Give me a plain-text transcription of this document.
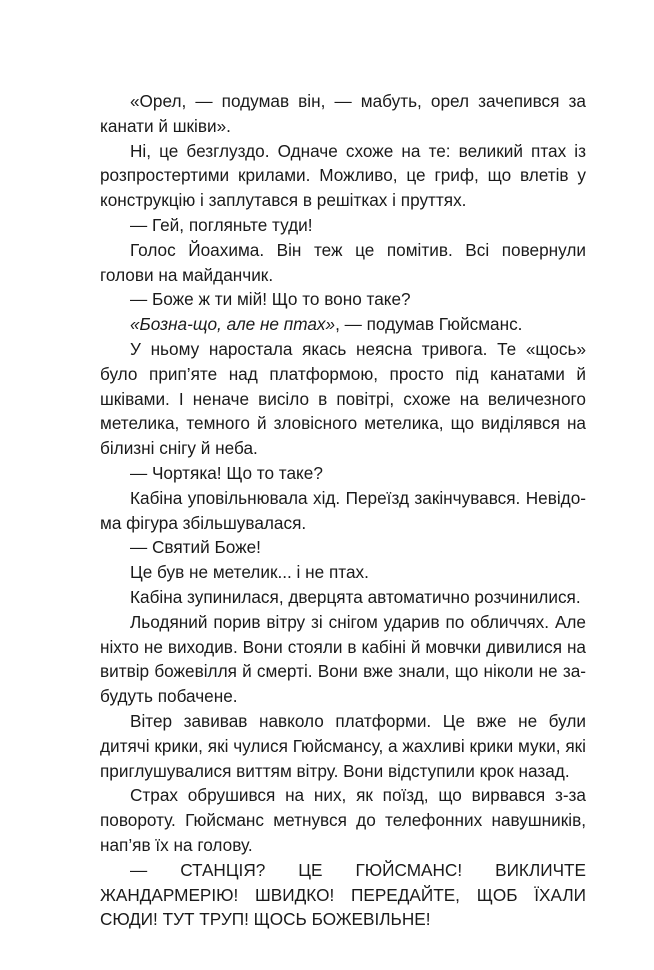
«Орел, — подумав він, — мабуть, орел зачепився за канати й шківи».

Ні, це безглуздо. Одначе схоже на те: великий птах із розпростертими крилами. Можливо, це гриф, що влетів у конструкцію і заплутався в решітках і пруттях.

— Гей, погляньте туди!

Голос Йоахима. Він теж це помітив. Всі повернули голови на майданчик.

— Боже ж ти мій! Що то воно таке?

«Бозна-що, але не птах», — подумав Гюйсманс.

У ньому наростала якась неясна тривога. Те «щось» було прип’яте над платформою, просто під канатами й шківами. І неначе висіло в повітрі, схоже на величезного метелика, темного й зловісного метелика, що виділявся на білизні снігу й неба.

— Чортяка! Що то таке?

Кабіна уповільнювала хід. Переїзд закінчувався. Невідома фігура збільшувалася.

— Святий Боже!

Це був не метелик... і не птах.

Кабіна зупинилася, дверцята автоматично розчинилися.

Льодяний порив вітру зі снігом ударив по обличчях. Але ніхто не виходив. Вони стояли в кабіні й мовчки дивилися на витвір божевілля й смерті. Вони вже знали, що ніколи не забудуть побачене.

Вітер завивав навколо платформи. Це вже не були дитячі крики, які чулися Гюйсмансу, а жахливі крики муки, які приглушувалися виттям вітру. Вони відступили крок назад.

Страх обрушився на них, як поїзд, що вирвався з-за повороту. Гюйсманс метнувся до телефонних навушників, нап’яв їх на голову.

— СТАНЦІЯ? ЦЕ ГЮЙСМАНС! ВИКЛИЧТЕ ЖАНДАРМЕРІЮ! ШВИДКО! ПЕРЕДАЙТЕ, ЩОБ ЇХАЛИ СЮДИ! ТУТ ТРУП! ЩОСЬ БОЖЕВІЛЬНЕ!
